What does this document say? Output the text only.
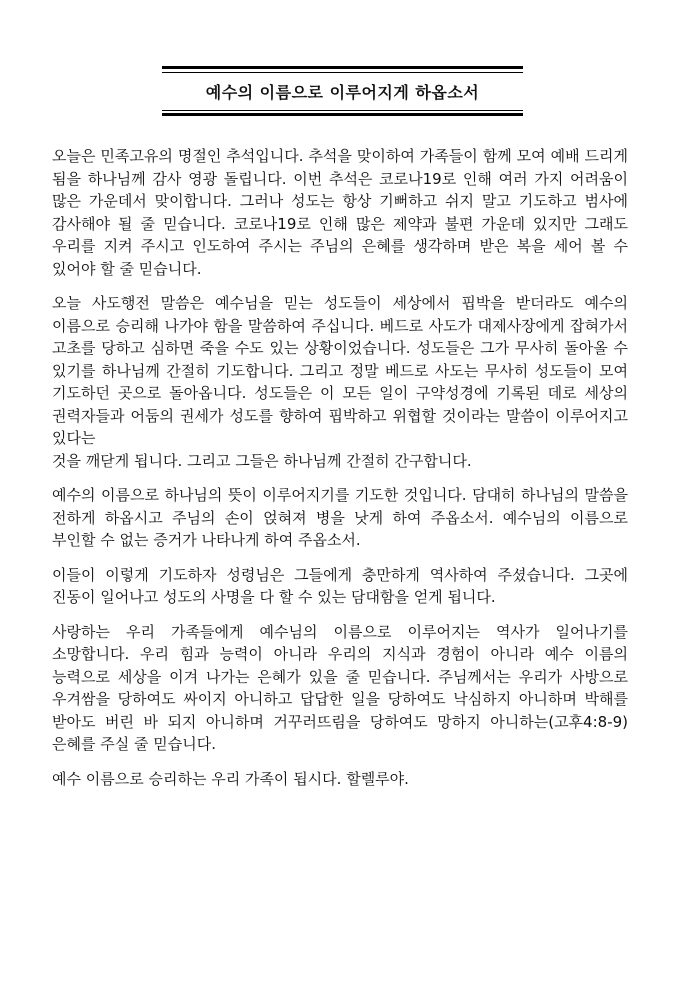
예수의 이름으로 이루어지게 하옵소서

오늘은 민족고유의 명절인 추석입니다. 추석을 맞이하여 가족들이 함께 모여 예배 드리게 됨을 하나님께 감사 영광 돌립니다. 이번 추석은 코로나19로 인해 여러 가지 어려움이 많은 가운데서 맞이합니다. 그러나 성도는 항상 기뻐하고 쉬지 말고 기도하고 범사에 감사해야 될 줄 믿습니다. 코로나19로 인해 많은 제약과 불편 가운데 있지만 그래도 우리를 지켜 주시고 인도하여 주시는 주님의 은혜를 생각하며 받은 복을 세어 볼 수 있어야 할 줄 믿습니다.

오늘 사도행전 말씀은 예수님을 믿는 성도들이 세상에서 핍박을 받더라도 예수의 이름으로 승리해 나가야 함을 말씀하여 주십니다. 베드로 사도가 대제사장에게 잡혀가서 고초를 당하고 심하면 죽을 수도 있는 상황이었습니다. 성도들은 그가 무사히 돌아올 수 있기를 하나님께 간절히 기도합니다. 그리고 정말 베드로 사도는 무사히 성도들이 모여 기도하던 곳으로 돌아옵니다. 성도들은 이 모든 일이 구약성경에 기록된 데로 세상의 권력자들과 어둠의 권세가 성도를 향하여 핍박하고 위협할 것이라는 말씀이 이루어지고 있다는
것을 깨닫게 됩니다. 그리고 그들은 하나님께 간절히 간구합니다.

예수의 이름으로 하나님의 뜻이 이루어지기를 기도한 것입니다. 담대히 하나님의 말씀을 전하게 하옵시고 주님의 손이 얹혀져 병을 낫게 하여 주옵소서. 예수님의 이름으로 부인할 수 없는 증거가 나타나게 하여 주옵소서.

이들이 이렇게 기도하자 성령님은 그들에게 충만하게 역사하여 주셨습니다. 그곳에 진동이 일어나고 성도의 사명을 다 할 수 있는 담대함을 얻게 됩니다.

사랑하는 우리 가족들에게 예수님의 이름으로 이루어지는 역사가 일어나기를 소망합니다. 우리 힘과 능력이 아니라 우리의 지식과 경험이 아니라 예수 이름의 능력으로 세상을 이겨 나가는 은혜가 있을 줄 믿습니다. 주님께서는 우리가 사방으로 우겨쌈을 당하여도 싸이지 아니하고 답답한 일을 당하여도 낙심하지 아니하며 박해를 받아도 버린 바 되지 아니하며 거꾸러뜨림을 당하여도 망하지 아니하는(고후4:8-9) 은혜를 주실 줄 믿습니다.

예수 이름으로 승리하는 우리 가족이 됩시다. 할렐루야.
